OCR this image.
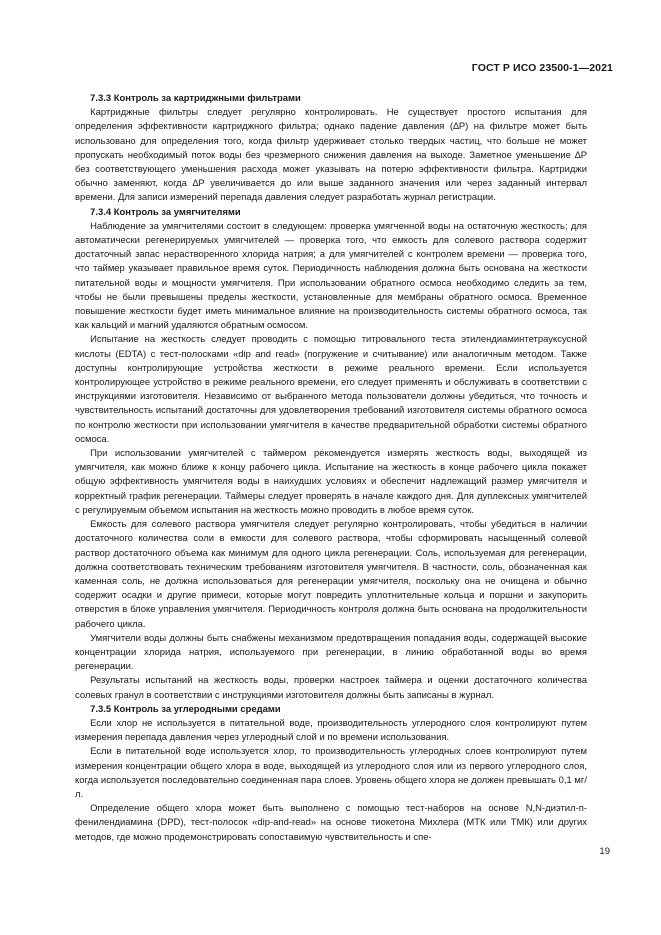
ГОСТ Р ИСО 23500-1—2021
7.3.3 Контроль за картриджными фильтрами

Картриджные фильтры следует регулярно контролировать. Не существует простого испытания для определения эффективности картриджного фильтра; однако падение давления (∆P) на фильтре может быть использовано для определения того, когда фильтр удерживает столько твердых частиц, что больше не может пропускать необходимый поток воды без чрезмерного снижения давления на выходе. Заметное уменьшение ∆P без соответствующего уменьшения расхода может указывать на потерю эффективности фильтра. Картриджи обычно заменяют, когда ∆P увеличивается до или выше заданного значения или через заданный интервал времени. Для записи измерений перепада давления следует разработать журнал регистрации.

7.3.4 Контроль за умягчителями

Наблюдение за умягчителями состоит в следующем: проверка умягченной воды на остаточную жесткость; для автоматически регенерируемых умягчителей — проверка того, что емкость для солевого раствора содержит достаточный запас нерастворенного хлорида натрия; а для умягчителей с контролем времени — проверка того, что таймер указывает правильное время суток. Периодичность наблюдения должна быть основана на жесткости питательной воды и мощности умягчителя. При использовании обратного осмоса необходимо следить за тем, чтобы не были превышены пределы жесткости, установленные для мембраны обратного осмоса. Временное повышение жесткости будет иметь минимальное влияние на производительность системы обратного осмоса, так как кальций и магний удаляются обратным осмосом.

Испытание на жесткость следует проводить с помощью титровального теста этилендиаминтетрауксусной кислоты (EDTA) с тест-полосками «dip and read» (погружение и считывание) или аналогичным методом. Также доступны контролирующие устройства жесткости в режиме реального времени. Если используется контролирующее устройство в режиме реального времени, его следует применять и обслуживать в соответствии с инструкциями изготовителя. Независимо от выбранного метода пользователи должны убедиться, что точность и чувствительность испытаний достаточны для удовлетворения требований изготовителя системы обратного осмоса по контролю жесткости при использовании умягчителя в качестве предварительной обработки системы обратного осмоса.

При использовании умягчителей с таймером рекомендуется измерять жесткость воды, выходящей из умягчителя, как можно ближе к концу рабочего цикла. Испытание на жесткость в конце рабочего цикла покажет общую эффективность умягчителя воды в наихудших условиях и обеспечит надлежащий размер умягчителя и корректный график регенерации. Таймеры следует проверять в начале каждого дня. Для дуплексных умягчителей с регулируемым объемом испытания на жесткость можно проводить в любое время суток.

Емкость для солевого раствора умягчителя следует регулярно контролировать, чтобы убедиться в наличии достаточного количества соли в емкости для солевого раствора, чтобы сформировать насыщенный солевой раствор достаточного объема как минимум для одного цикла регенерации. Соль, используемая для регенерации, должна соответствовать техническим требованиям изготовителя умягчителя. В частности, соль, обозначенная как каменная соль, не должна использоваться для регенерации умягчителя, поскольку она не очищена и обычно содержит осадки и другие примеси, которые могут повредить уплотнительные кольца и поршни и закупорить отверстия в блоке управления умягчителя. Периодичность контроля должна быть основана на продолжительности рабочего цикла.

Умягчители воды должны быть снабжены механизмом предотвращения попадания воды, содержащей высокие концентрации хлорида натрия, используемого при регенерации, в линию обработанной воды во время регенерации.

Результаты испытаний на жесткость воды, проверки настроек таймера и оценки достаточного количества солевых гранул в соответствии с инструкциями изготовителя должны быть записаны в журнал.

7.3.5 Контроль за углеродными средами

Если хлор не используется в питательной воде, производительность углеродного слоя контролируют путем измерения перепада давления через углеродный слой и по времени использования.

Если в питательной воде используется хлор, то производительность углеродных слоев контролируют путем измерения концентрации общего хлора в воде, выходящей из углеродного слоя или из первого углеродного слоя, когда используется последовательно соединенная пара слоев. Уровень общего хлора не должен превышать 0,1 мг/л.

Определение общего хлора может быть выполнено с помощью тест-наборов на основе N,N-диэтил-п-фенилендиамина (DPD), тест-полосок «dip-and-read» на основе тиокетона Михлера (МТК или ТМК) или других методов, где можно продемонстрировать сопоставимую чувствительность и спе-

19
